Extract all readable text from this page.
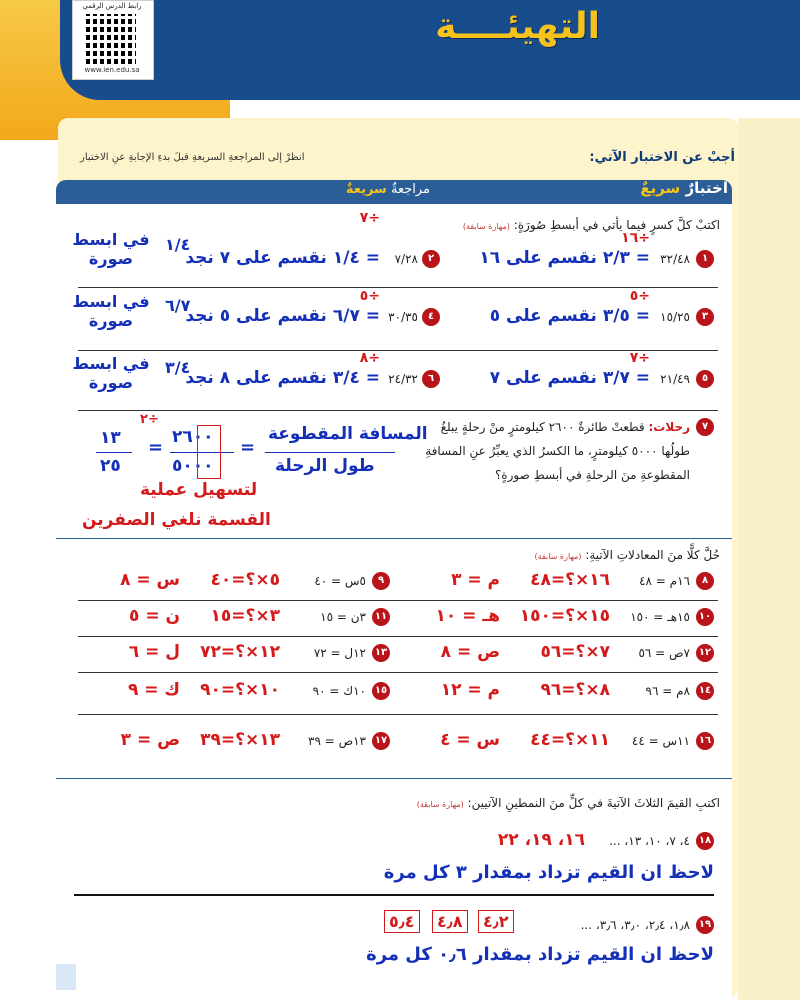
التهيئــــة
رابط الدرس الرقمي
www.ien.edu.sa
أجبْ عن الاختبار الآتي:
انظرْ إلى المراجعةِ السريعةِ قبلَ بدءِ الإجابةِ عنِ الاختبار
اختبارٌ سريعٌ
مراجعةٌ سريعةٌ
اكتبْ كلَّ كسرٍ فيما يأتي في أبسطِ صُورَةٍ: (مهارة سابقة)
١
٣٢/٤٨
÷١٦
= ٢/٣ نقسم على ١٦
٢
٧/٢٨
÷٧
= ١/٤ نقسم على ٧ نجد
١/٤
في ابسط صورة
٣
١٥/٢٥
÷٥
= ٣/٥ نقسم على ٥
٤
٣٠/٣٥
÷٥
= ٦/٧ نقسم على ٥ نجد
٦/٧
في ابسط صورة
٥
٢١/٤٩
÷٧
= ٣/٧ نقسم على ٧
٦
٢٤/٣٢
÷٨
= ٣/٤ نقسم على ٨ نجد
٣/٤
في ابسط صورة
٧
رحلات: قطعتْ طائرةٌ ٢٦٠٠ كيلومترٍ منْ رحلةٍ يبلغُ
طولُها ٥٠٠٠ كيلومترٍ، ما الكسرُ الذي يعبِّرُ عنِ المسافةِ
المقطوعةِ منَ الرحلةِ في أبسطِ صورةٍ؟
المسافة المقطوعة
طول الرحلة
=
٢٦٠٠
٥٠٠٠
÷٢
=
١٣
٢٥
لتسهيل عملية
القسمة نلغي الصفرين
حُلَّ كلًّا منَ المعادلاتِ الآتيةِ: (مهارة سابقة)
٨
١٦م = ٤٨
١٦×؟=٤٨
م = ٣
٩
٥س = ٤٠
٥×؟=٤٠
س = ٨
١٠
١٥هـ = ١٥٠
١٥×؟=١٥٠
هـ = ١٠
١١
٣ن = ١٥
٣×؟=١٥
ن = ٥
١٢
٧ص = ٥٦
٧×؟=٥٦
ص = ٨
١٣
١٢ل = ٧٢
١٢×؟=٧٢
ل = ٦
١٤
٨م = ٩٦
٨×؟=٩٦
م = ١٢
١٥
١٠ك = ٩٠
١٠×؟=٩٠
ك = ٩
١٦
١١س = ٤٤
١١×؟=٤٤
س = ٤
١٧
١٣ص = ٣٩
١٣×؟=٣٩
ص = ٣
اكتبِ القيمَ الثلاثَ الآتيةَ في كلٍّ منَ النمطينِ الآتيين: (مهارة سابقة)
١٨
٤، ٧، ١٠، ١٣، ...
١٦، ١٩، ٢٢
لاحظ ان القيم تزداد بمقدار ٣ كل مرة
١٩
١٫٨، ٢٫٤، ٣٫٠، ٣٫٦، ...
٤٫٢
٤٫٨
٥٫٤
لاحظ ان القيم تزداد بمقدار ٠٫٦ كل مرة
